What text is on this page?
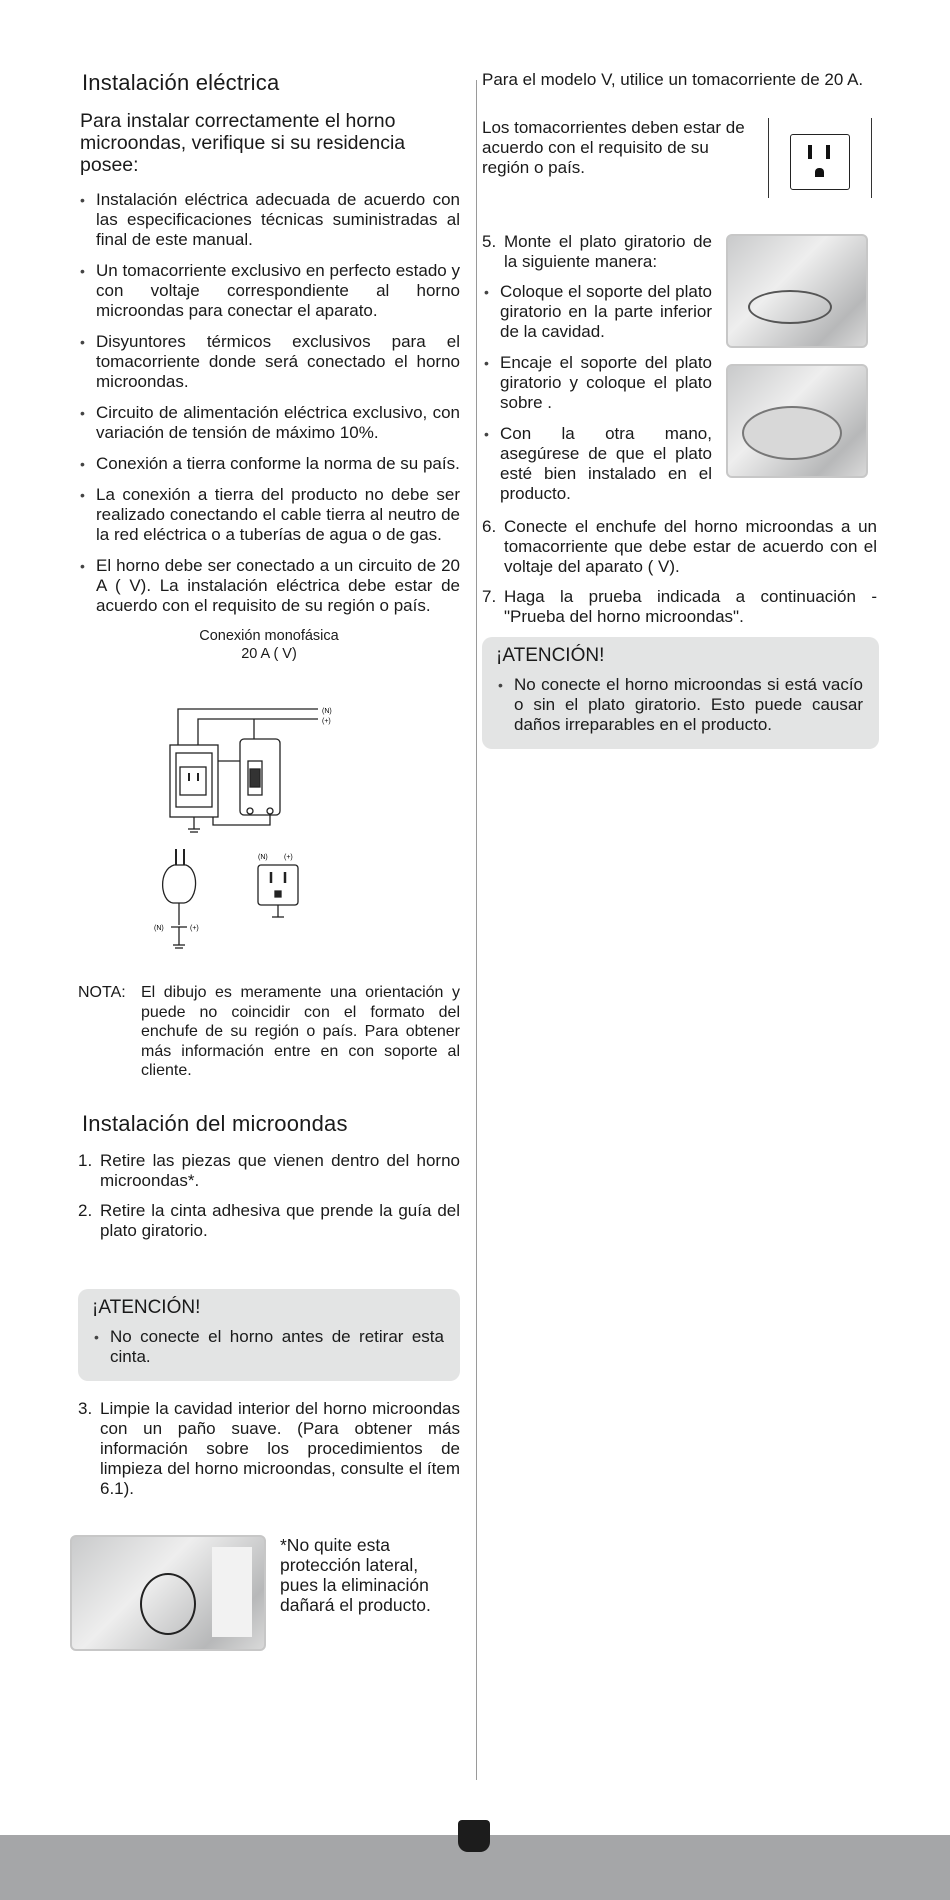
Instalación eléctrica

Para instalar correctamente el horno microondas, verifique si su residencia posee:

• Instalación eléctrica adecuada de acuerdo con las especificaciones técnicas suministradas al final de este manual.
• Un tomacorriente exclusivo en perfecto estado y con voltaje correspondiente al horno microondas para conectar el aparato.
• Disyuntores térmicos exclusivos para el tomacorriente donde será conectado el horno microondas.
• Circuito de alimentación eléctrica exclusivo, con variación de tensión de máximo 10%.
• Conexión a tierra conforme la norma de su país.
• La conexión a tierra del producto no debe ser realizado conectando el cable tierra al neutro de la red eléctrica o a tuberías de agua o de gas.
• El horno debe ser conectado a un circuito de 20 A ( V). La instalación eléctrica debe estar de acuerdo con el requisito de su región o país.
Conexión monofásica
20 A ( V)
(N)
(+)
(N) (+)
(N)	(+)
NOTA: El dibujo es meramente una orientación y puede no coincidir con el formato del enchufe de su región o país. Para obtener más información entre en con soporte al cliente.
Instalación del microondas
1. Retire las piezas que vienen dentro del horno microondas*.
2. Retire la cinta adhesiva que prende la guía del plato giratorio.
¡ATENCIÓN!
• No conecte el horno antes de retirar esta cinta.
3. Limpie la cavidad interior del horno microondas con un paño suave. (Para obtener más información sobre los procedimientos de limpieza del horno microondas, consulte el ítem 6.1).

*No quite esta protección lateral, pues la eliminación dañará el producto.

Para el modelo V, utilice un tomacorriente de 20 A.

Los tomacorrientes deben estar de acuerdo con el requisito de su región o país.

5. Monte el plato giratorio de la siguiente manera:
• Coloque el soporte del plato giratorio en la parte inferior de la cavidad.
• Encaje el soporte del plato giratorio y coloque el plato sobre .
• Con la otra mano, asegúrese de que el plato esté bien instalado en el producto.
6. Conecte el enchufe del horno microondas a un tomacorriente que debe estar de acuerdo con el voltaje del aparato ( V).
7. Haga la prueba indicada a continuación - "Prueba del horno microondas".
¡ATENCIÓN!
• No conecte el horno microondas si está vacío o sin el plato giratorio. Esto puede causar daños irreparables en el producto.
